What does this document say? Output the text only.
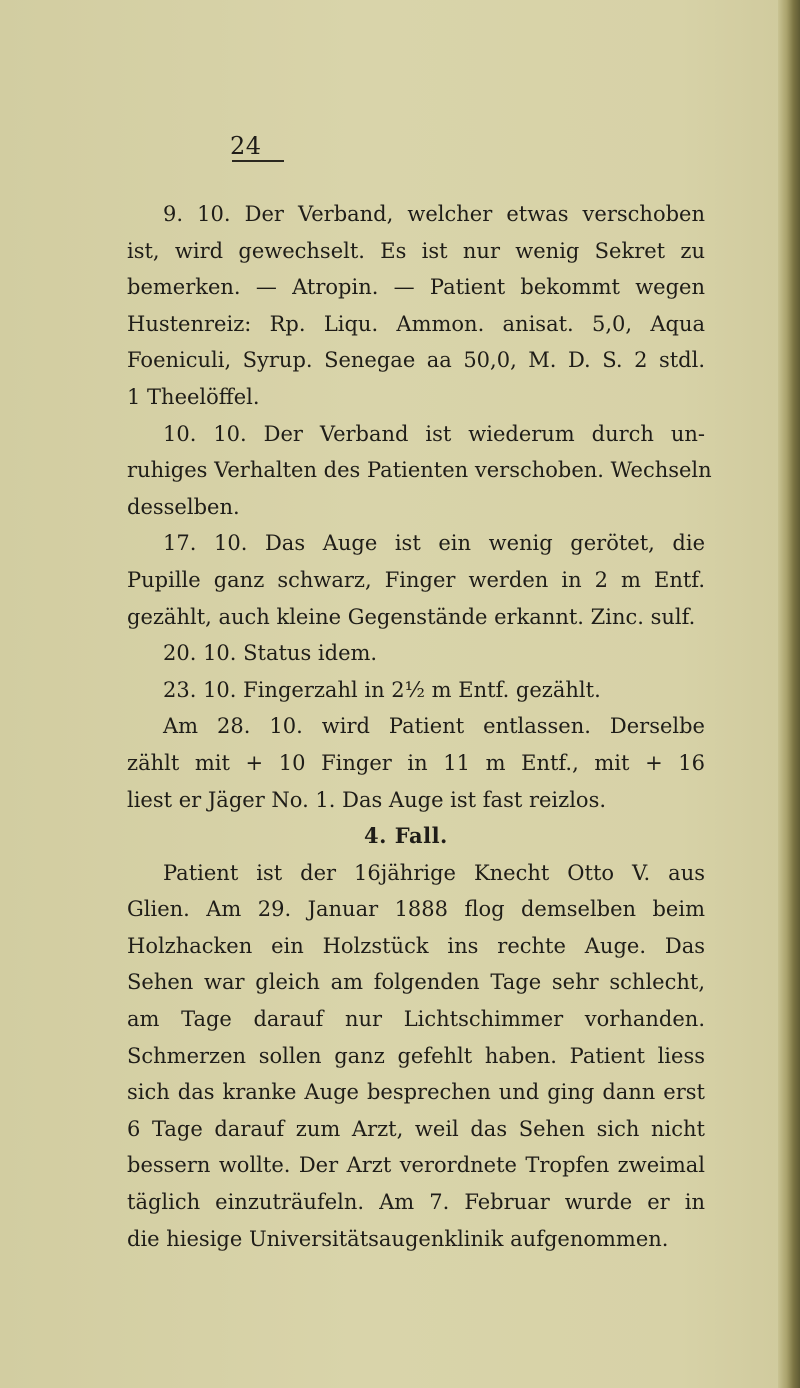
24
9. 10. Der Verband, welcher etwas verschoben
ist, wird gewechselt. Es ist nur wenig Sekret zu
bemerken. — Atropin. — Patient bekommt wegen
Hustenreiz: Rp. Liqu. Ammon. anisat. 5,0, Aqua
Foeniculi, Syrup. Senegae aa 50,0, M. D. S. 2 stdl.
1 Theelöffel.
10. 10. Der Verband ist wiederum durch un-
ruhiges Verhalten des Patienten verschoben. Wechseln
desselben.
17. 10. Das Auge ist ein wenig gerötet, die
Pupille ganz schwarz, Finger werden in 2 m Entf.
gezählt, auch kleine Gegenstände erkannt. Zinc. sulf.
20. 10. Status idem.
23. 10. Fingerzahl in 2½ m Entf. gezählt.
Am 28. 10. wird Patient entlassen. Derselbe
zählt mit + 10 Finger in 11 m Entf., mit + 16
liest er Jäger No. 1. Das Auge ist fast reizlos.
4. Fall.
Patient ist der 16jährige Knecht Otto V. aus
Glien. Am 29. Januar 1888 flog demselben beim
Holzhacken ein Holzstück ins rechte Auge. Das
Sehen war gleich am folgenden Tage sehr schlecht,
am Tage darauf nur Lichtschimmer vorhanden.
Schmerzen sollen ganz gefehlt haben. Patient liess
sich das kranke Auge besprechen und ging dann erst
6 Tage darauf zum Arzt, weil das Sehen sich nicht
bessern wollte. Der Arzt verordnete Tropfen zweimal
täglich einzuträufeln. Am 7. Februar wurde er in
die hiesige Universitätsaugenklinik aufgenommen.
